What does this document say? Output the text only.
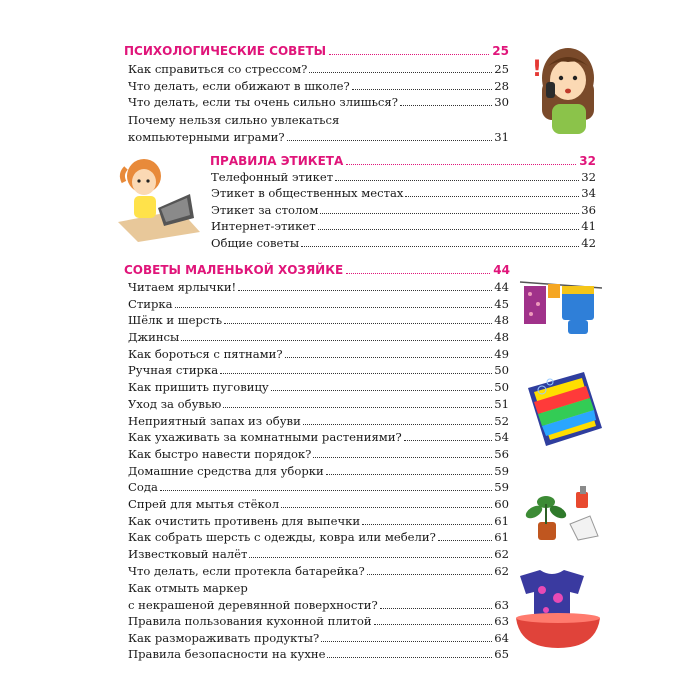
ПСИХОЛОГИЧЕСКИЕ СОВЕТЫ	25
Как справиться со стрессом?	25
Что делать, если обижают в школе?	28
Что делать, если ты очень сильно злишься?	30
Почему нельзя сильно увлекаться
компьютерными играми?	31
ПРАВИЛА ЭТИКЕТА	32
Телефонный этикет	32
Этикет в общественных местах	34
Этикет за столом	36
Интернет-этикет	41
Общие советы	42
СОВЕТЫ МАЛЕНЬКОЙ ХОЗЯЙКЕ	44
Читаем ярлычки!	44
Стирка	45
Шёлк и шерсть	48
Джинсы	48
Как бороться с пятнами?	49
Ручная стирка	50
Как пришить пуговицу	50
Уход за обувью	51
Неприятный запах из обуви	52
Как ухаживать за комнатными растениями?	54
Как быстро навести порядок?	56
Домашние средства для уборки	59
Сода	59
Спрей для мытья стёкол	60
Как очистить противень для выпечки	61
Как собрать шерсть с одежды, ковра или мебели?	61
Известковый налёт	62
Что делать, если протекла батарейка?	62
Как отмыть маркер
с некрашеной деревянной поверхности?	63
Правила пользования кухонной плитой	63
Как размораживать продукты?	64
Правила безопасности на кухне	65
!
